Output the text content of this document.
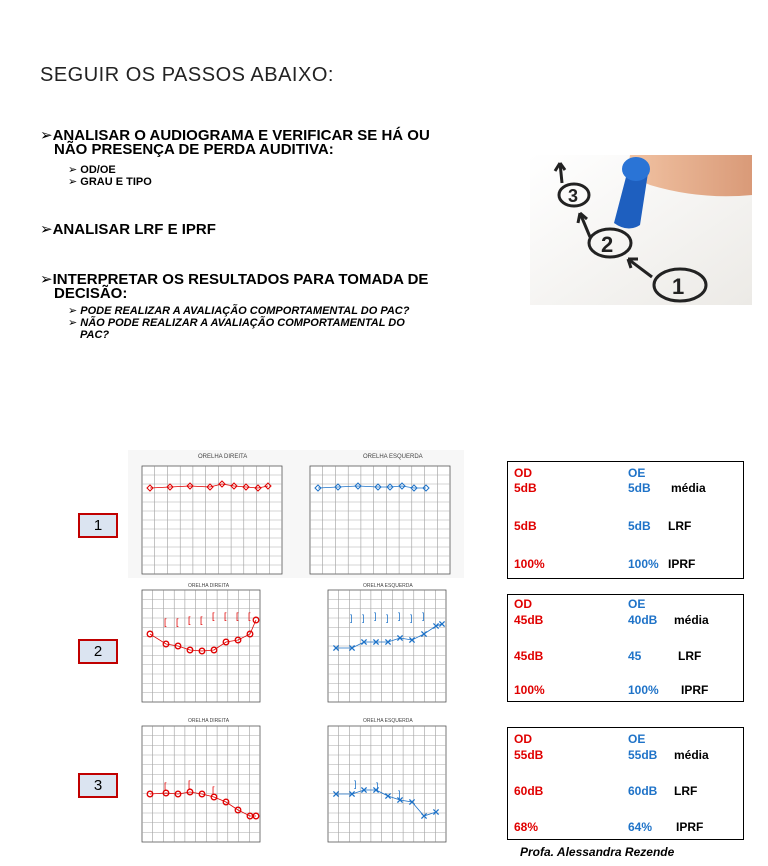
SEGUIR OS PASSOS ABAIXO:
➢ANALISAR O AUDIOGRAMA E VERIFICAR SE HÁ OU
NÃO PRESENÇA DE PERDA AUDITIVA:
➢ OD/OE
➢ GRAU E TIPO
➢ANALISAR LRF E IPRF
➢INTERPRETAR OS RESULTADOS PARA TOMADA DE
DECISÃO:
➢ PODE REALIZAR A AVALIAÇÃO COMPORTAMENTAL DO PAC?
➢ NÃO PODE REALIZAR A AVALIAÇÃO COMPORTAMENTAL DO
PAC?
3
2
1
1
2
3
ORELHA DIREITA	ORELHA ESQUERDA
ORELHA DIREITA	ORELHA ESQUERDA
[ [ [ [ [ [ [ [	] ] ] ] ] ] ]
ORELHA DIREITA	ORELHA ESQUERDA
[ [
[
] ]
]
OD	OE
5dB	5dB média
5dB	5dB LRF
100%	100% IPRF
OD	OE
45dB	40dB média
45dB	45	LRF
100%	100% IPRF
OD	OE
55dB	55dB média
60dB	60dB LRF
68%	64% IPRF
Profa. Alessandra Rezende
